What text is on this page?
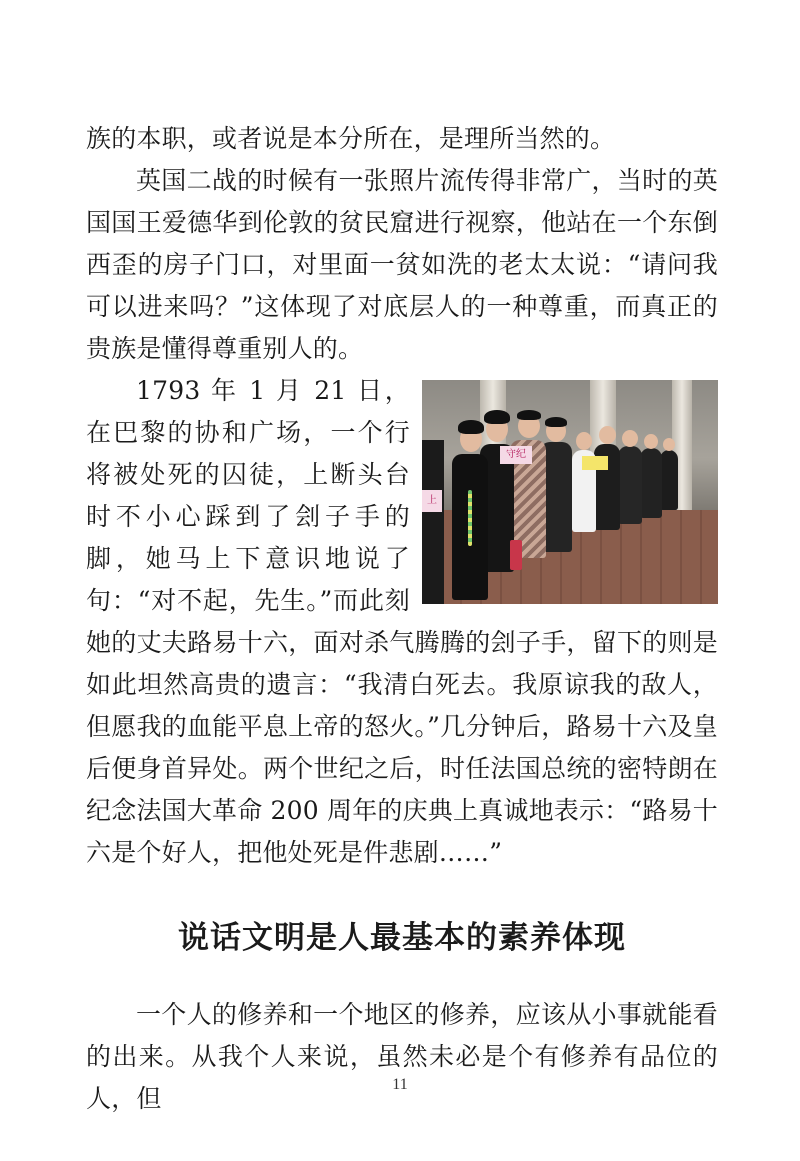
族的本职，或者说是本分所在，是理所当然的。

英国二战的时候有一张照片流传得非常广，当时的英国国王爱德华到伦敦的贫民窟进行视察，他站在一个东倒西歪的房子门口，对里面一贫如洗的老太太说：“请问我可以进来吗？”这体现了对底层人的一种尊重，而真正的贵族是懂得尊重别人的。

守纪
上

1793 年 1 月 21 日，在巴黎的协和广场，一个行将被处死的囚徒，上断头台时不小心踩到了刽子手的脚，她马上下意识地说了句：“对不起，先生。”而此刻她的丈夫路易十六，面对杀气腾腾的刽子手，留下的则是如此坦然高贵的遗言：“我清白死去。我原谅我的敌人，但愿我的血能平息上帝的怒火。”几分钟后，路易十六及皇后便身首异处。两个世纪之后，时任法国总统的密特朗在纪念法国大革命 200 周年的庆典上真诚地表示：“路易十六是个好人，把他处死是件悲剧……”

说话文明是人最基本的素养体现

一个人的修养和一个地区的修养，应该从小事就能看的出来。从我个人来说，虽然未必是个有修养有品位的人，但	11
